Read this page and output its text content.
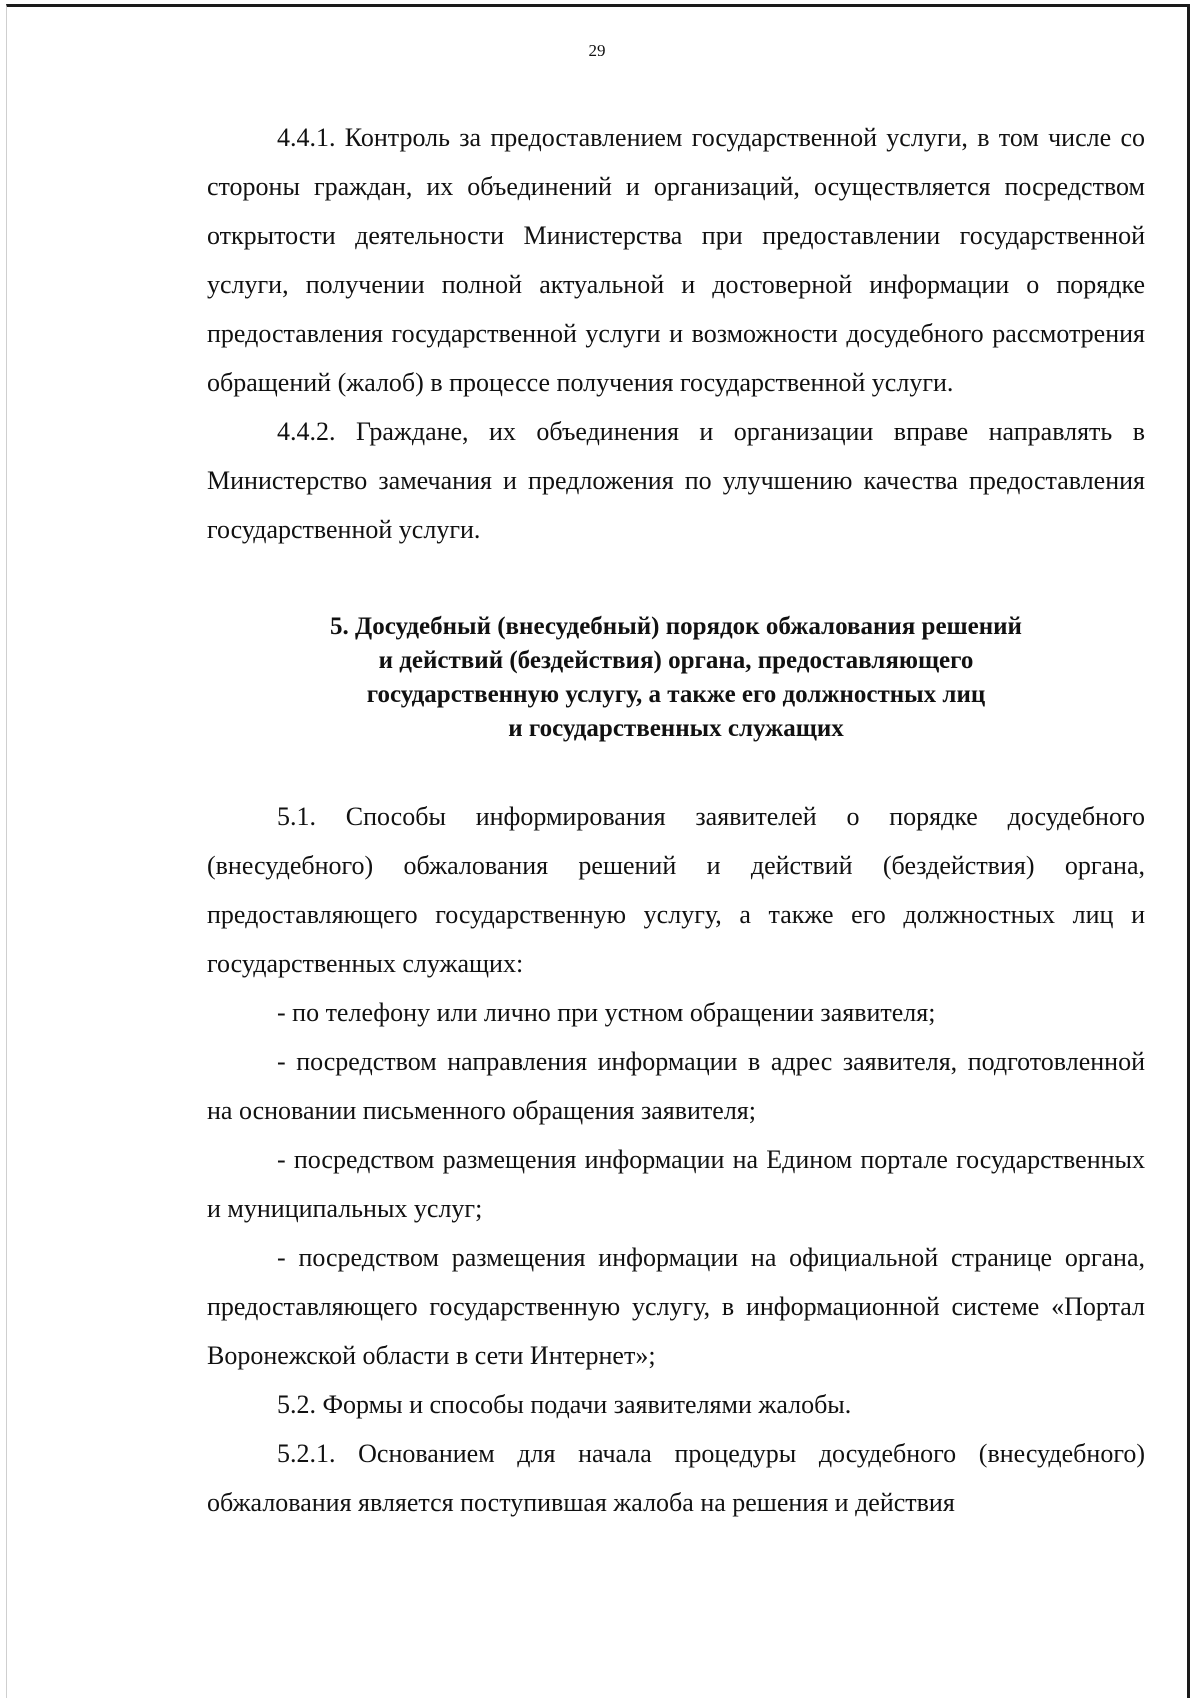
29

4.4.1. Контроль за предоставлением государственной услуги, в том числе со стороны граждан, их объединений и организаций, осуществляется посредством открытости деятельности Министерства при предоставлении государственной услуги, получении полной актуальной и достоверной информации о порядке предоставления государственной услуги и возможности досудебного рассмотрения обращений (жалоб) в процессе получения государственной услуги.

4.4.2. Граждане, их объединения и организации вправе направлять в Министерство замечания и предложения по улучшению качества предоставления государственной услуги.

5. Досудебный (внесудебный) порядок обжалования решений

и действий (бездействия) органа, предоставляющего

государственную услугу, а также его должностных лиц

и государственных служащих

5.1. Способы информирования заявителей о порядке досудебного (внесудебного) обжалования решений и действий (бездействия) органа, предоставляющего государственную услугу, а также его должностных лиц и государственных служащих:

- по телефону или лично при устном обращении заявителя;

- посредством направления информации в адрес заявителя, подготовленной на основании письменного обращения заявителя;

- посредством размещения информации на Едином портале государственных и муниципальных услуг;

- посредством размещения информации на официальной странице органа, предоставляющего государственную услугу, в информационной системе «Портал Воронежской области в сети Интернет»;

5.2. Формы и способы подачи заявителями жалобы.

5.2.1. Основанием для начала процедуры досудебного (внесудебного) обжалования является поступившая жалоба на решения и действия
